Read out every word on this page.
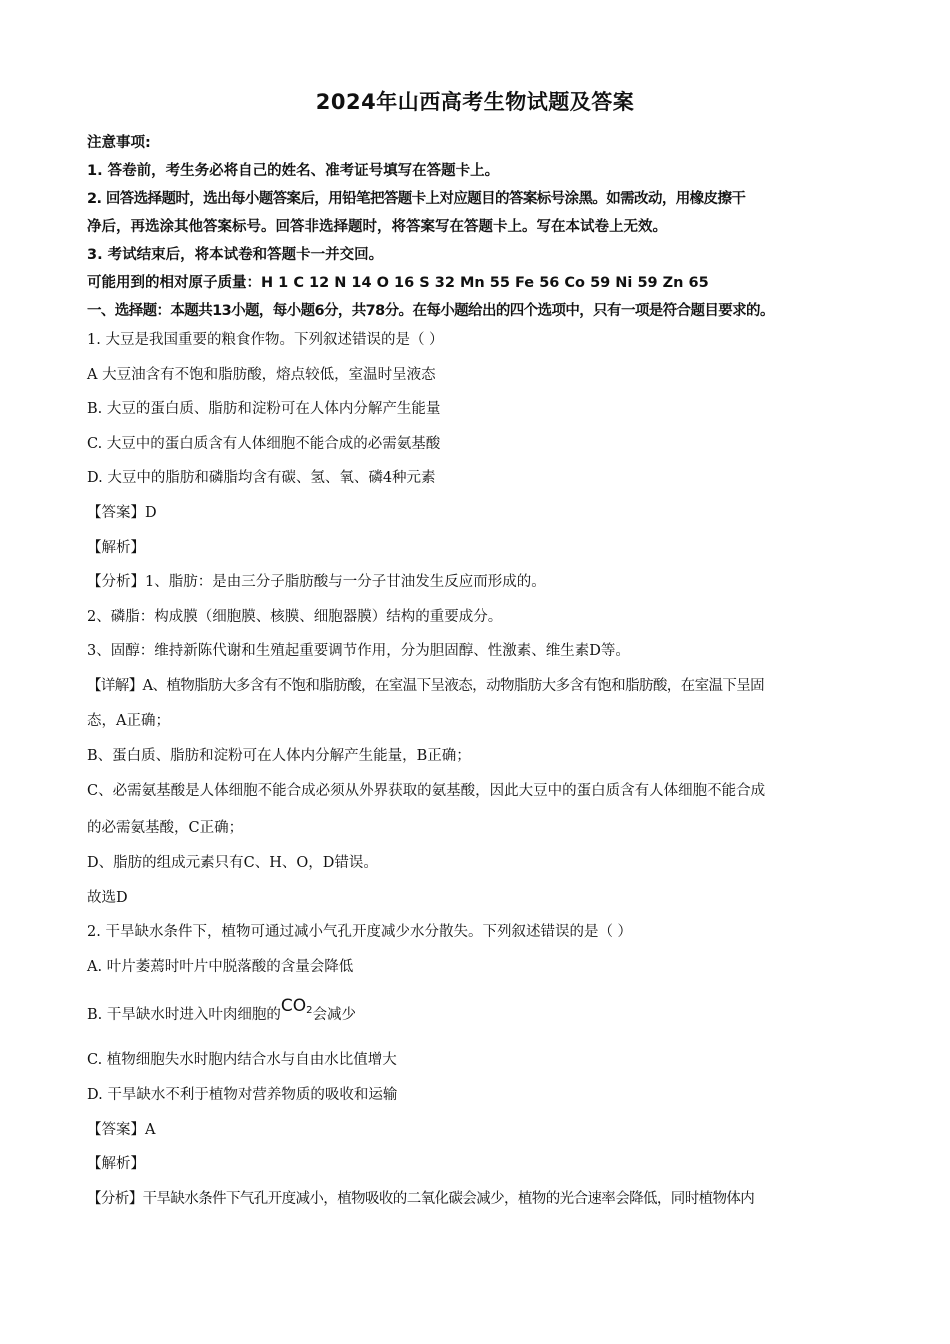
2024年山西高考生物试题及答案
注意事项:
1. 答卷前，考生务必将自己的姓名、准考证号填写在答题卡上。
2. 回答选择题时，选出每小题答案后，用铅笔把答题卡上对应题目的答案标号涂黑。如需改动，用橡皮擦干
净后，再选涂其他答案标号。回答非选择题时，将答案写在答题卡上。写在本试卷上无效。
3. 考试结束后，将本试卷和答题卡一并交回。
可能用到的相对原子质量：H 1 C 12 N 14 O 16 S 32 Mn 55 Fe 56 Co 59 Ni 59 Zn 65
一、选择题：本题共13小题，每小题6分，共78分。在每小题给出的四个选项中，只有一项是符合题目要求的。
1. 大豆是我国重要的粮食作物。下列叙述错误的是（ ）
A 大豆油含有不饱和脂肪酸，熔点较低，室温时呈液态
B. 大豆的蛋白质、脂肪和淀粉可在人体内分解产生能量
C. 大豆中的蛋白质含有人体细胞不能合成的必需氨基酸
D. 大豆中的脂肪和磷脂均含有碳、氢、氧、磷4种元素
【答案】D
【解析】
【分析】1、脂肪：是由三分子脂肪酸与一分子甘油发生反应而形成的。
2、磷脂：构成膜（细胞膜、核膜、细胞器膜）结构的重要成分。
3、固醇：维持新陈代谢和生殖起重要调节作用，分为胆固醇、性激素、维生素D等。
【详解】A、植物脂肪大多含有不饱和脂肪酸，在室温下呈液态，动物脂肪大多含有饱和脂肪酸，在室温下呈固
态，A正确；
B、蛋白质、脂肪和淀粉可在人体内分解产生能量，B正确；
C、必需氨基酸是人体细胞不能合成必须从外界获取的氨基酸，因此大豆中的蛋白质含有人体细胞不能合成
的必需氨基酸，C正确；
D、脂肪的组成元素只有C、H、O，D错误。
故选D
2. 干旱缺水条件下，植物可通过减小气孔开度减少水分散失。下列叙述错误的是（ ）
A. 叶片萎蔫时叶片中脱落酸的含量会降低
B. 干旱缺水时进入叶肉细胞的$CO_2$会减少
C. 植物细胞失水时胞内结合水与自由水比值增大
D. 干旱缺水不利于植物对营养物质的吸收和运输
【答案】A
【解析】
【分析】干旱缺水条件下气孔开度减小，植物吸收的二氧化碳会减少，植物的光合速率会降低，同时植物体内
